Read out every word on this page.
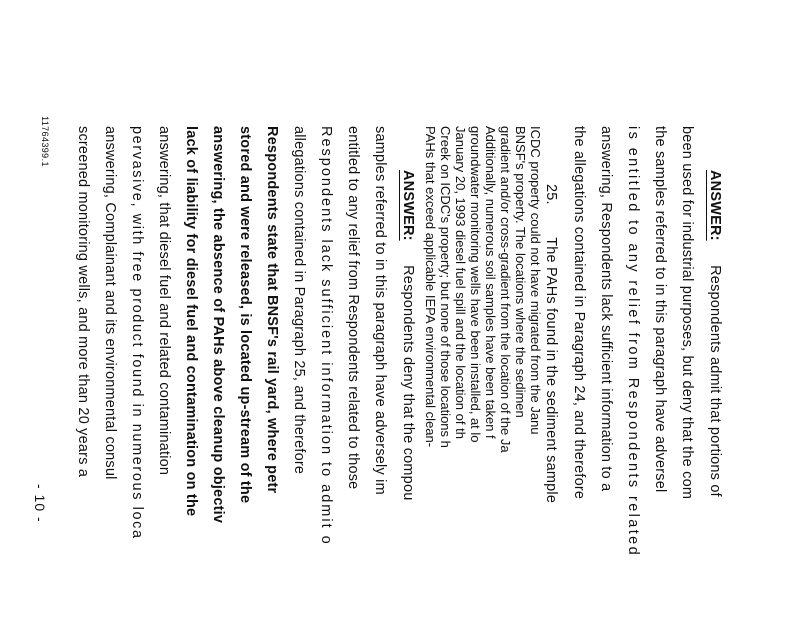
ANSWER:  Respondents admit that portions of
been used for industrial purposes, but deny that the com
the samples referred to in this paragraph have adversel
is entitled to any relief from Respondents related
answering, Respondents lack sufficient information to a
the allegations contained in Paragraph 24, and therefore
25.  The PAHs found in the sediment sample
ICDC property could not have migrated from the Janu
BNSF's property. The locations where the sedimen
gradient and/or cross-gradient from the location of the Ja
Additionally, numerous soil samples have been taken f
groundwater monitoring wells have been installed, at lo
January 20, 1993 diesel fuel spill and the location of th
Creek on ICDC's property; but none of those locations h
PAHs that exceed applicable IEPA environmental clean-
ANSWER:  Respondents deny that the compou
samples referred to in this paragraph have adversely im
entitled to any relief from Respondents related to those
Respondents lack sufficient information to admit o
allegations contained in Paragraph 25, and therefore
Respondents state that BNSF's rail yard, where petr
stored and were released, is located up-stream of the
answering, the absence of PAHs above cleanup objectiv
lack of liability for diesel fuel and contamination on the
answering, that diesel fuel and related contamination
pervasive, with free product found in numerous loca
answering, Complainant and its environmental consul
screened monitoring wells, and more than 20 years a
11764399.1
- 10 -
